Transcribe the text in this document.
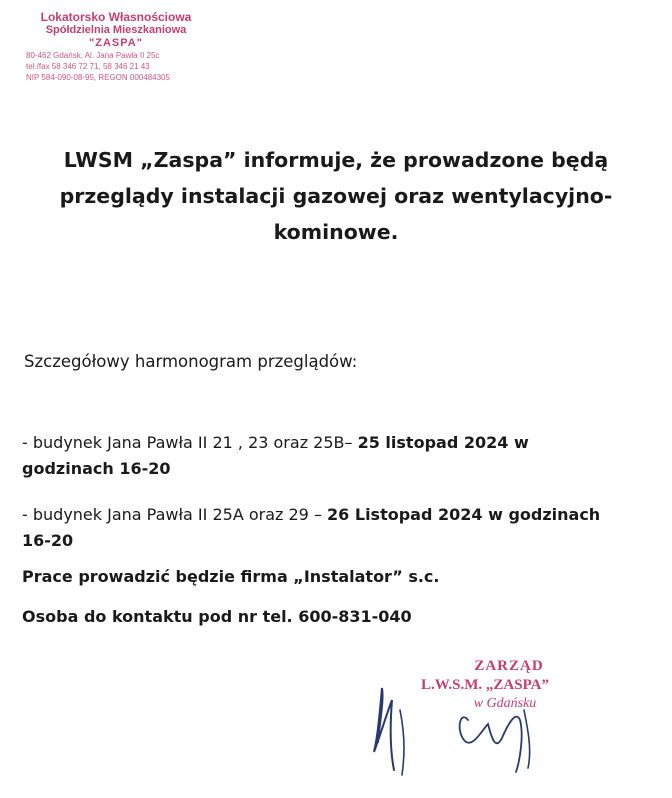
Lokatorsko Własnościowa
Spółdzielnia Mieszkaniowa
"ZASPA"
80-462 Gdańsk, Al. Jana Pawła II 25c
tel./fax 58 346 72 71, 58 346 21 43
NIP 584-090-08-95, REGON 000484305
LWSM „Zaspa” informuje, że prowadzone będą
przeglądy instalacji gazowej oraz wentylacyjno-
kominowe.
Szczegółowy harmonogram przeglądów:
- budynek Jana Pawła II 21 , 23 oraz 25B– 25 listopad 2024 w
godzinach 16-20
- budynek Jana Pawła II 25A oraz 29 – 26 Listopad 2024 w godzinach
16-20
Prace prowadzić będzie firma „Instalator” s.c.
Osoba do kontaktu pod nr tel. 600-831-040
ZARZĄD
L.W.S.M. „ZASPA”
w Gdańsku
